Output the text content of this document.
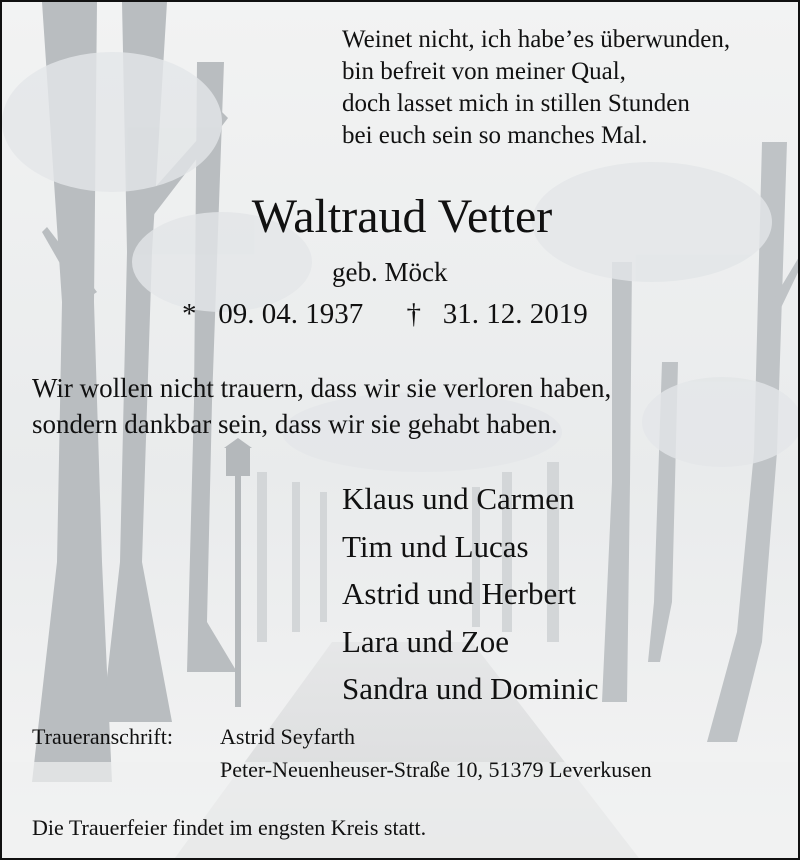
Weinet nicht, ich habe’es überwunden,
bin befreit von meiner Qual,
doch lasset mich in stillen Stunden
bei euch sein so manches Mal.
Waltraud Vetter
geb. Möck
* 09. 04. 1937 † 31. 12. 2019
Wir wollen nicht trauern, dass wir sie verloren haben,
sondern dankbar sein, dass wir sie gehabt haben.
Klaus und Carmen
Tim und Lucas
Astrid und Herbert
Lara und Zoe
Sandra und Dominic
Traueranschrift: Astrid Seyfarth
Peter-Neuenheuser-Straße 10, 51379 Leverkusen
Die Trauerfeier findet im engsten Kreis statt.
